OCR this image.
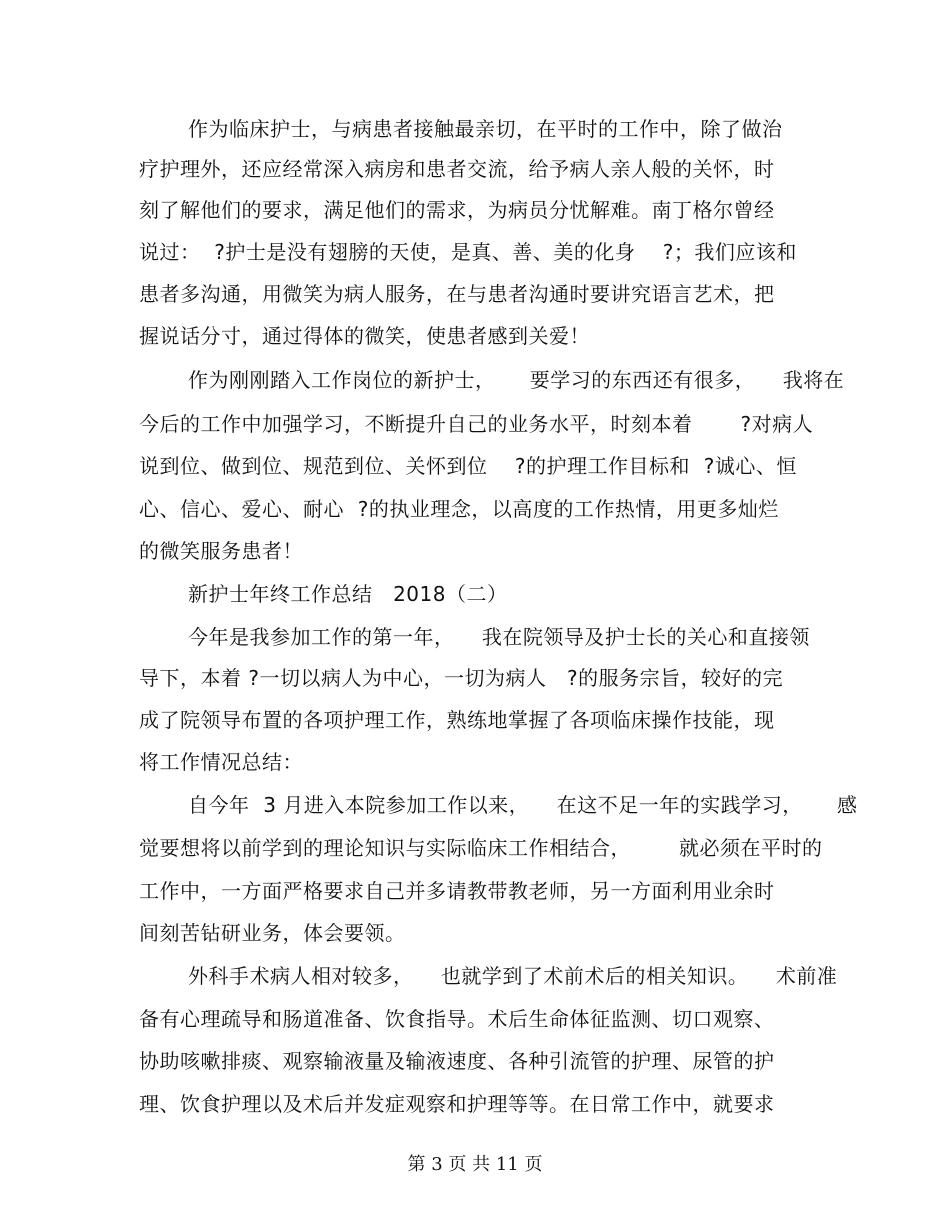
作为临床护士，与病患者接触最亲切，在平时的工作中，除了做治
疗护理外，还应经常深入病房和患者交流，给予病人亲人般的关怀，时
刻了解他们的要求，满足他们的需求，为病员分忧解难。南丁格尔曾经
说过：  ?护士是没有翅膀的天使，是真、善、美的化身    ?；我们应该和
患者多沟通，用微笑为病人服务，在与患者沟通时要讲究语言艺术，把
握说话分寸，通过得体的微笑，使患者感到关爱！
作为刚刚踏入工作岗位的新护士，     要学习的东西还有很多，    我将在
今后的工作中加强学习，不断提升自己的业务水平，时刻本着       ?对病人
说到位、做到位、规范到位、关怀到位    ?的护理工作目标和  ?诚心、恒
心、信心、爱心、耐心  ?的执业理念，以高度的工作热情，用更多灿烂
的微笑服务患者！
新护士年终工作总结   2018（二）
今年是我参加工作的第一年，    我在院领导及护士长的关心和直接领
导下，本着 ?一切以病人为中心，一切为病人   ?的服务宗旨，较好的完
成了院领导布置的各项护理工作，熟练地掌握了各项临床操作技能，现
将工作情况总结：
自今年  3 月进入本院参加工作以来，    在这不足一年的实践学习，     感
觉要想将以前学到的理论知识与实际临床工作相结合，       就必须在平时的
工作中，一方面严格要求自己并多请教带教老师，另一方面利用业余时
间刻苦钻研业务，体会要领。
外科手术病人相对较多，    也就学到了术前术后的相关知识。    术前准
备有心理疏导和肠道准备、饮食指导。术后生命体征监测、切口观察、
协助咳嗽排痰、观察输液量及输液速度、各种引流管的护理、尿管的护
理、饮食护理以及术后并发症观察和护理等等。在日常工作中，就要求
第 3 页 共 11 页
